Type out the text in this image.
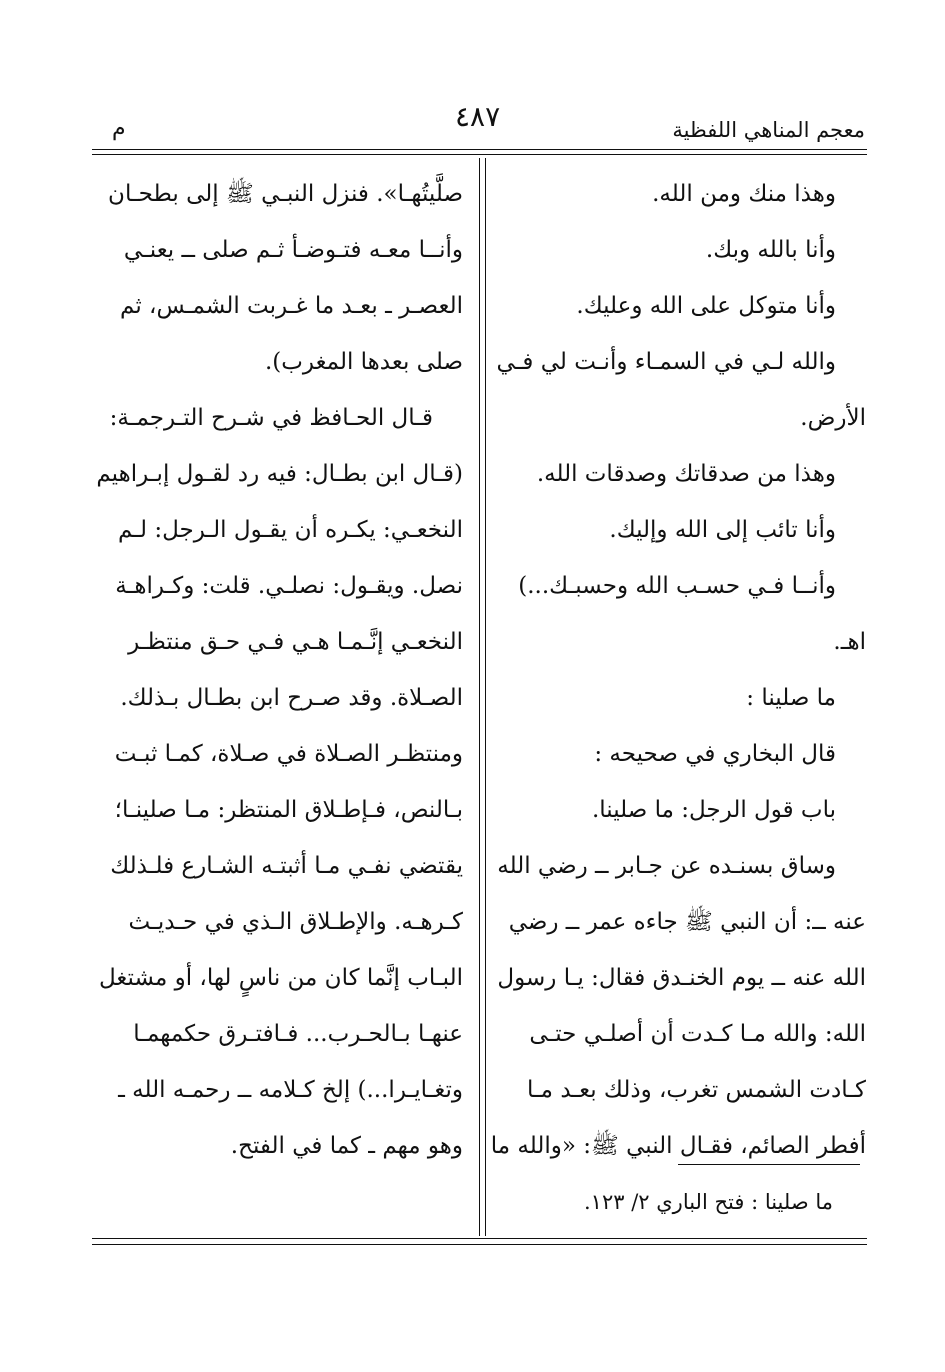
معجم المناهي اللفظية
٤٨٧
م
وهذا منك ومن الله.
وأنا بالله وبك.
وأنا متوكل على الله وعليك.
والله لـي في السمـاء وأنـت لي فـي
الأرض.
وهذا من صدقاتك وصدقات الله.
وأنا تائب إلى الله وإليك.
وأنــا فـي حسـب الله وحسبـك...)
اهـ.
ما صلينا :
قال البخاري في صحيحه :
باب قول الرجل: ما صلينا.
وساق بسنـده عن جـابر ــ رضي الله
عنه ــ: أن النبي ﷺ جاءه عمر ــ رضي
الله عنه ــ يوم الخنـدق فقال: يـا رسول
الله: والله مـا كـدت أن أصلـي حتـى
كـادت الشمس تغرب، وذلك بعـد مـا
أفطر الصائم، فقـال النبي ﷺ: «والله ما
صلَّيتُهـا». فنزل النبـي ﷺ إلى بطحـان
وأنــا معـه فتـوضـأ ثـم صلى ــ يعنـي
العصـر ـ بعـد ما غـربت الشمـس، ثم
صلى بعدها المغرب).
قـال الحـافظ في شـرح التـرجمـة:
(قـال ابن بطـال: فيه رد لقـول إبـراهيم
النخعـي: يكـره أن يقـول الـرجل: لـم
نصل. ويقـول: نصلـي. قلت: وكـراهـة
النخعـي إنَّـمـا هـي فـي حـق منتظـر
الصـلاة. وقد صـرح ابن بطـال بـذلك.
ومنتظـر الصـلاة في صـلاة، كمـا ثبـت
بـالنص، فـإطـلاق المنتظر: مـا صلينـا؛
يقتضي نفـي مـا أثبتـه الشـارع فلـذلك
كـرهـه. والإطـلاق الـذي في حـديـث
البـاب إنَّما كان من ناسٍ لها، أو مشتغل
عنهـا بـالحـرب... فـافتـرق حكمهمـا
وتغـايـرا...) إلخ كـلامه ــ رحمـه الله ـ
وهو مهم ـ كما في الفتح.
ما صلينا : فتح الباري ٢/ ١٢٣.
